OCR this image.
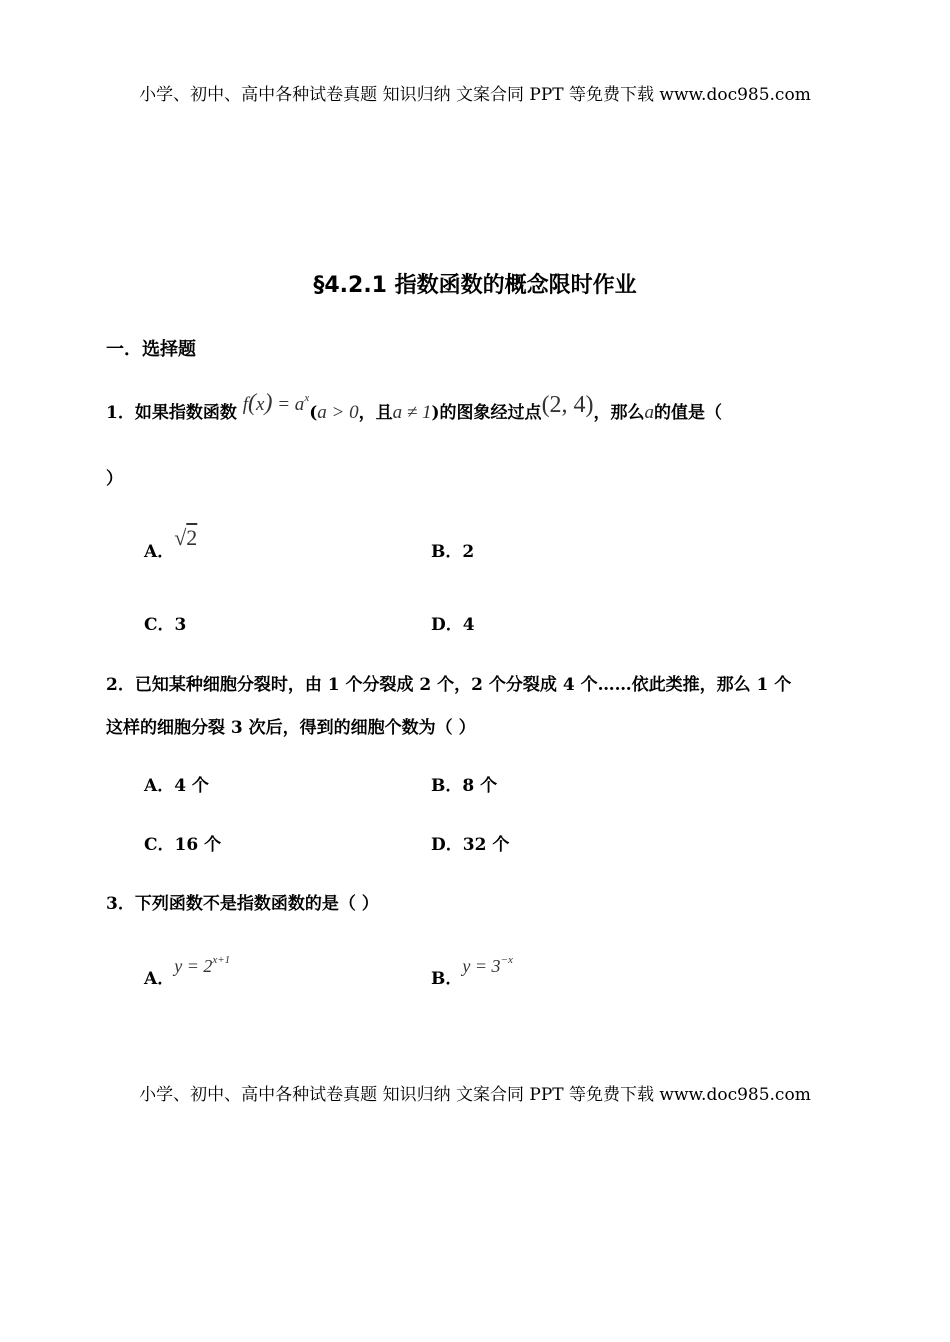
小学、初中、高中各种试卷真题 知识归纳 文案合同 PPT 等免费下载 www.doc985.com
§4.2.1 指数函数的概念限时作业
一．选择题
1．如果指数函数 $f(x) = a^x(a > 0$，且a ≠ 1)的图象经过点(2, 4)，那么a的值是（
）
A．√2
B．2
C．3	D．4
2．已知某种细胞分裂时，由 1 个分裂成 2 个，2 个分裂成 4 个……依此类推，那么 1 个
这样的细胞分裂 3 次后，得到的细胞个数为（ ）
A．4 个	B．8 个
C．16 个	D．32 个
3．下列函数不是指数函数的是（ ）
A．$y = 2^{x+1}$
B．$y = 3^{-x}$
小学、初中、高中各种试卷真题 知识归纳 文案合同 PPT 等免费下载 www.doc985.com
